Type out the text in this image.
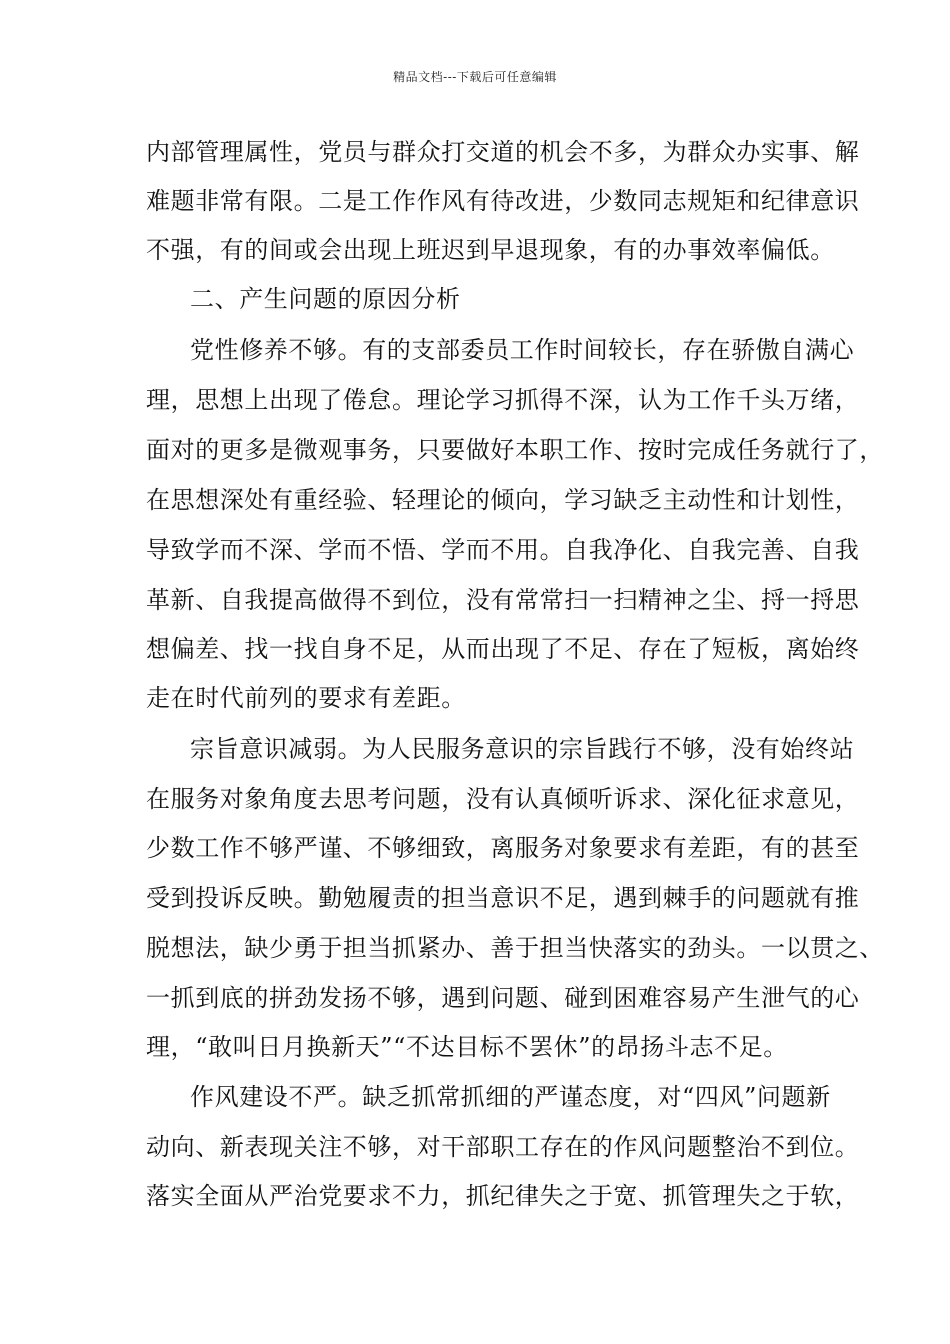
精品文档---下载后可任意编辑
内部管理属性，党员与群众打交道的机会不多，为群众办实事、解
难题非常有限。二是工作作风有待改进，少数同志规矩和纪律意识
不强，有的间或会出现上班迟到早退现象，有的办事效率偏低。
二、产生问题的原因分析
党性修养不够。有的支部委员工作时间较长，存在骄傲自满心
理，思想上出现了倦怠。理论学习抓得不深，认为工作千头万绪，
面对的更多是微观事务，只要做好本职工作、按时完成任务就行了，
在思想深处有重经验、轻理论的倾向，学习缺乏主动性和计划性，
导致学而不深、学而不悟、学而不用。自我净化、自我完善、自我
革新、自我提高做得不到位，没有常常扫一扫精神之尘、捋一捋思
想偏差、找一找自身不足，从而出现了不足、存在了短板，离始终
走在时代前列的要求有差距。
宗旨意识减弱。为人民服务意识的宗旨践行不够，没有始终站
在服务对象角度去思考问题，没有认真倾听诉求、深化征求意见，
少数工作不够严谨、不够细致，离服务对象要求有差距，有的甚至
受到投诉反映。勤勉履责的担当意识不足，遇到棘手的问题就有推
脱想法，缺少勇于担当抓紧办、善于担当快落实的劲头。一以贯之、
一抓到底的拼劲发扬不够，遇到问题、碰到困难容易产生泄气的心
理，“敢叫日月换新天”“不达目标不罢休”的昂扬斗志不足。
作风建设不严。缺乏抓常抓细的严谨态度，对“四风”问题新
动向、新表现关注不够，对干部职工存在的作风问题整治不到位。
落实全面从严治党要求不力，抓纪律失之于宽、抓管理失之于软，
